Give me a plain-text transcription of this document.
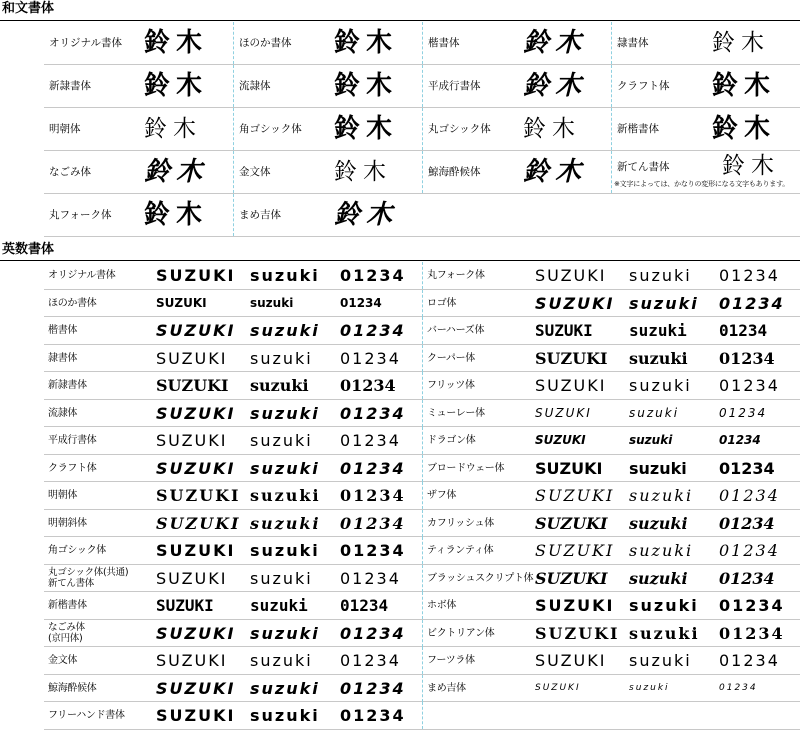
和文書体
オリジナル書体 鈴木	ほのか書体 鈴木	楷書体 鈴木	隷書体	鈴木
新隷書体 鈴木	流隷体 鈴木	平成行書体 鈴木	クラフト体 鈴木
明朝体	鈴木	角ゴシック体 鈴木	丸ゴシック体 鈴木	新楷書体 鈴木
なごみ体 鈴木	金文体	鈴木	鯨海酔候体 鈴木	新てん書体 鈴木
※文字によっては、かなりの変形になる文字もあります。
丸フォーク体 鈴木	まめ吉体 鈴木
英数書体
オリジナル書体	SUZUKI suzuki 01234 丸フォーク体	SUZUKI suzuki 01234
ほのか書体	SUZUKI	suzuki	01234	ロゴ体	SUZUKI suzuki 01234
楷書体	SUZUKI suzuki 01234 バーハーズ体	SUZUKI suzuki 01234
隷書体	SUZUKI suzuki 01234	クーパー体	SUZUKI suzuki 01234
新隷書体	SUZUKI suzuki 01234	フリッツ体	SUZUKI suzuki 01234
流隷体	SUZUKI suzuki 01234 ミューレー体	SUZUKI	suzuki	01234
平成行書体	SUZUKI suzuki 01234	ドラゴン体	SUZUKI	suzuki	01234
クラフト体	SUZUKI suzuki 01234 ブロードウェー体 SUZUKI suzuki 01234
明朝体	SUZUKI suzuki 01234 ザフ体	SUZUKI suzuki 01234
明朝斜体	SUZUKI suzuki 01234 カフリッシュ体	SUZUKI suzuki 01234
角ゴシック体	SUZUKI suzuki 01234 ティランティ体	SUZUKI suzuki 01234
丸ゴシック体(共通)
新てん書体	SUZUKI suzuki 01234	ブラッシュスクリプト体 SUZUKI suzuki 01234
新楷書体	SUZUKI suzuki 01234	ホボ体	SUZUKI suzuki 01234
なごみ体
(京円体)	SUZUKI suzuki 01234 ビクトリアン体	SUZUKI suzuki 01234
金文体	SUZUKI suzuki 01234	フーツラ体	SUZUKI suzuki 01234
鯨海酔候体	SUZUKI suzuki 01234 まめ吉体	SUZUKI	suzuki	01234
フリーハンド書体 SUZUKI suzuki 01234
